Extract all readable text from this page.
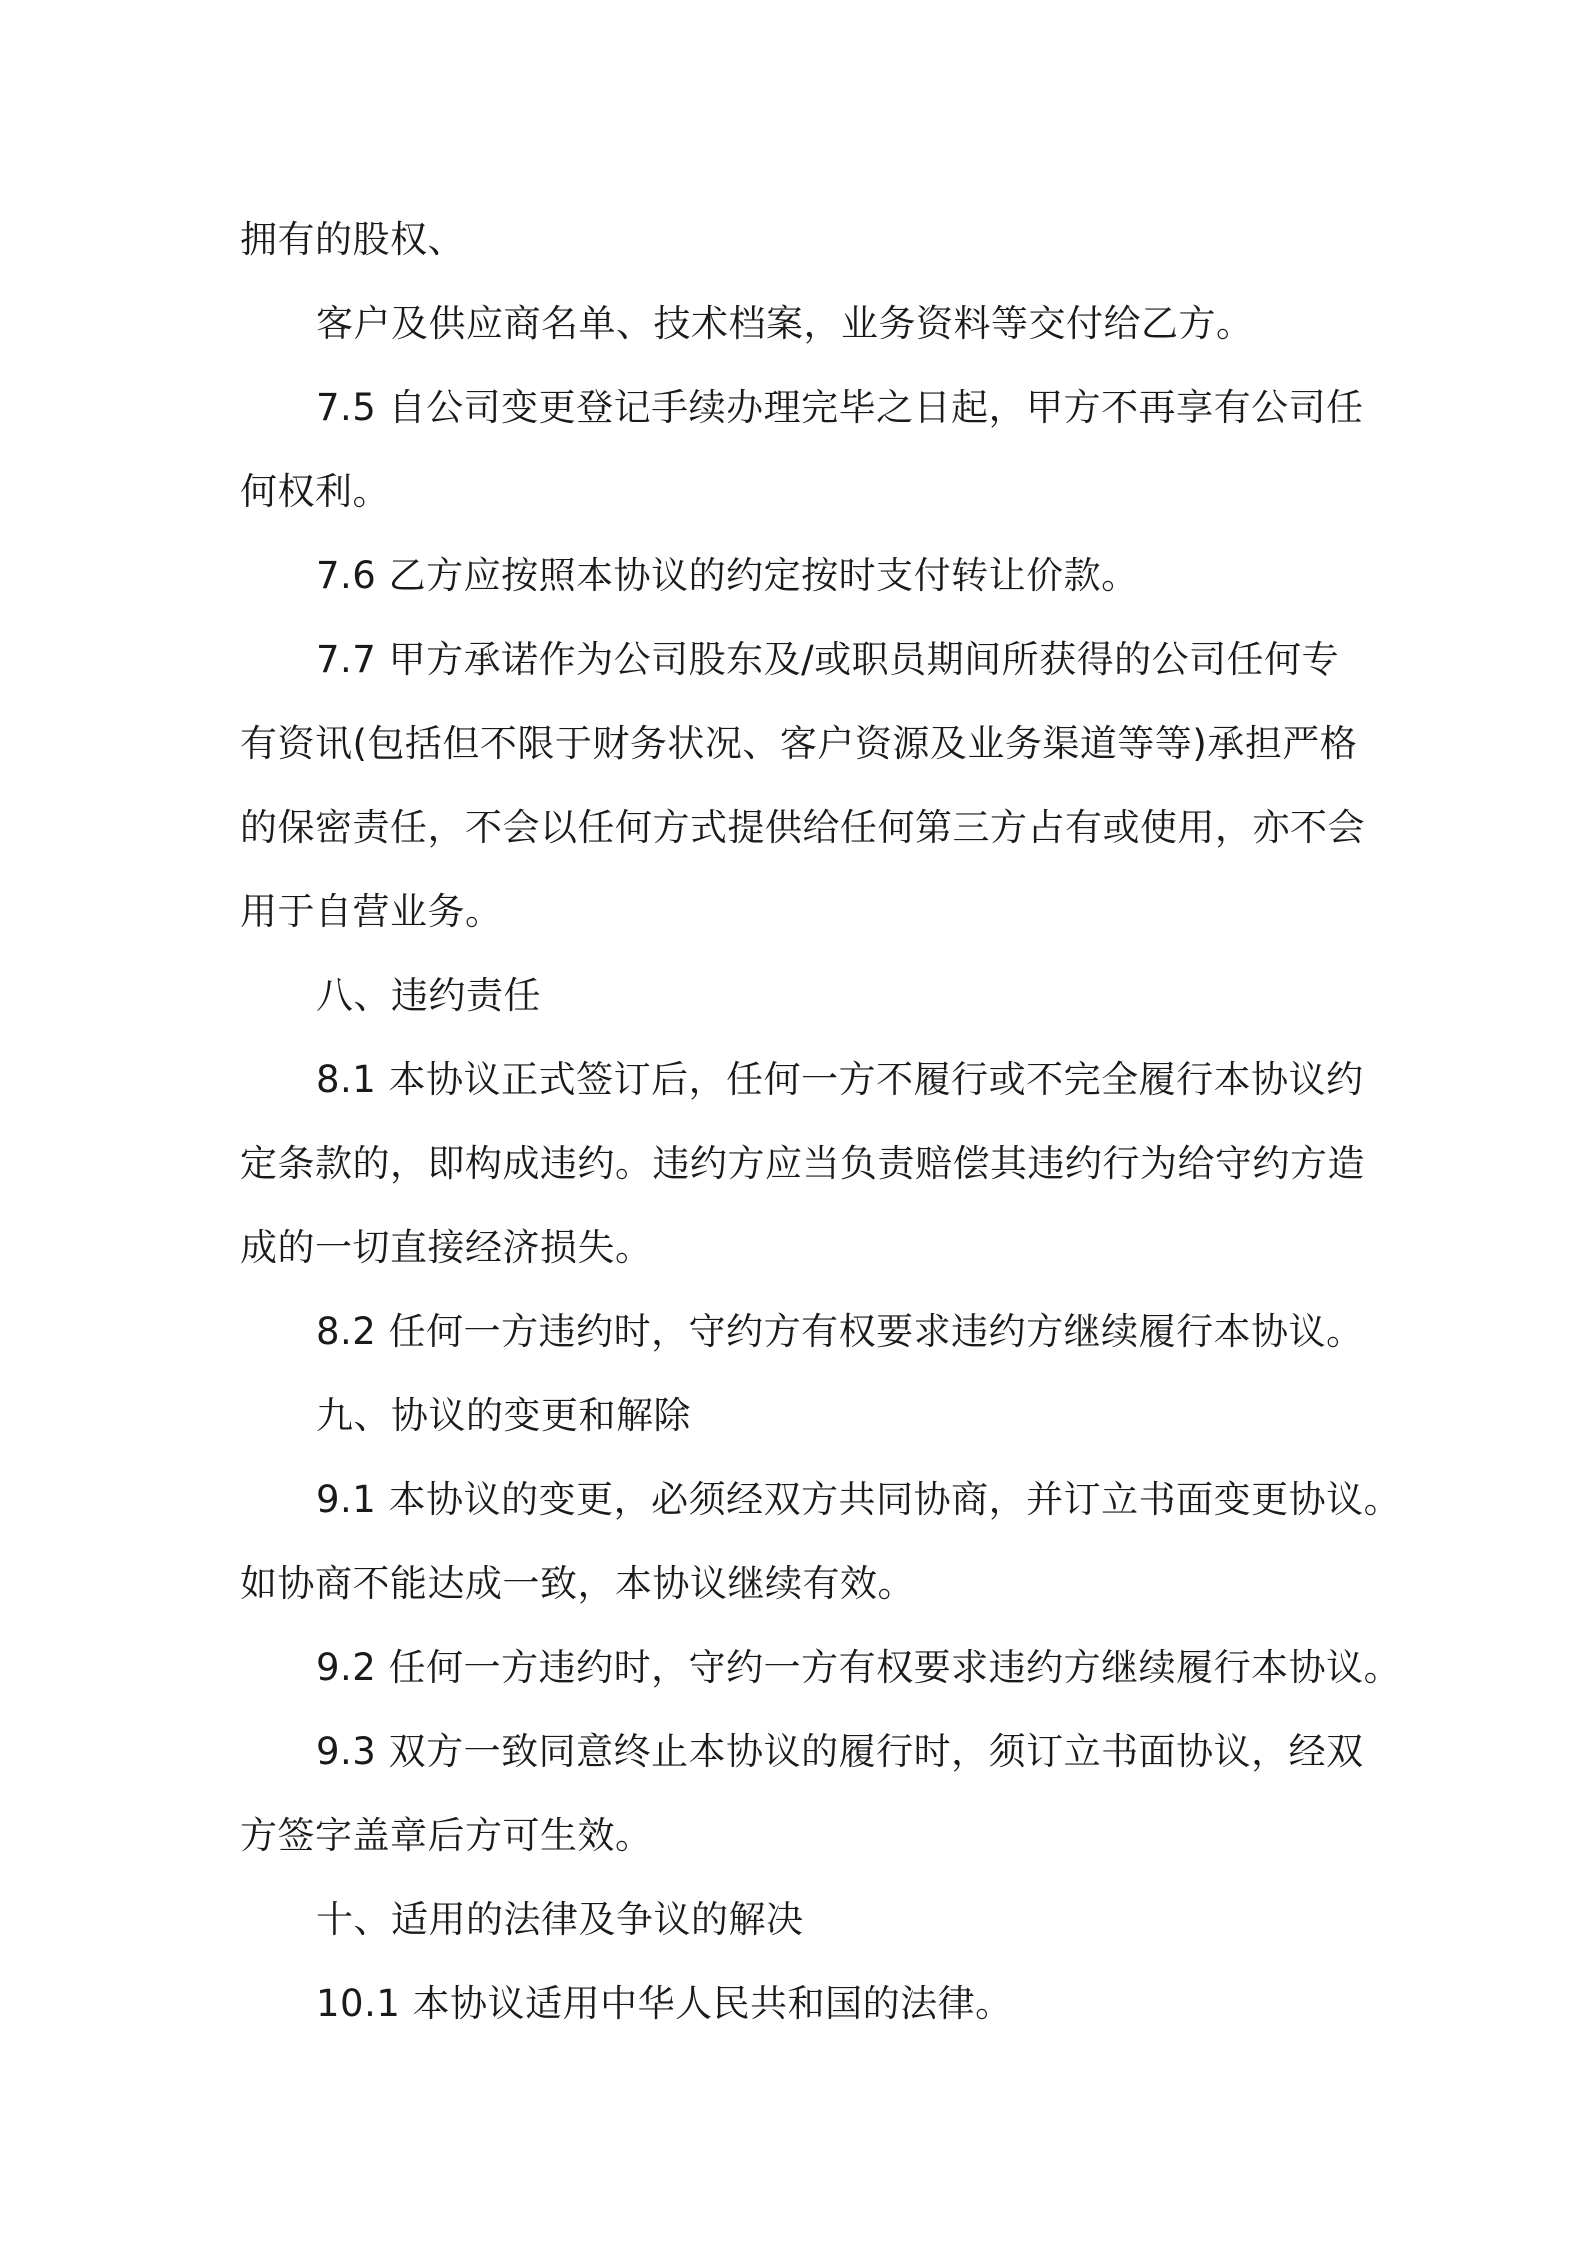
拥有的股权、

客户及供应商名单、技术档案，业务资料等交付给乙方。

7.5 自公司变更登记手续办理完毕之日起，甲方不再享有公司任

何权利。

7.6 乙方应按照本协议的约定按时支付转让价款。

7.7 甲方承诺作为公司股东及/或职员期间所获得的公司任何专

有资讯(包括但不限于财务状况、客户资源及业务渠道等等)承担严格

的保密责任，不会以任何方式提供给任何第三方占有或使用，亦不会

用于自营业务。

八、违约责任

8.1 本协议正式签订后，任何一方不履行或不完全履行本协议约

定条款的，即构成违约。违约方应当负责赔偿其违约行为给守约方造

成的一切直接经济损失。

8.2 任何一方违约时，守约方有权要求违约方继续履行本协议。

九、协议的变更和解除

9.1 本协议的变更，必须经双方共同协商，并订立书面变更协议。

如协商不能达成一致，本协议继续有效。

9.2 任何一方违约时，守约一方有权要求违约方继续履行本协议。

9.3 双方一致同意终止本协议的履行时，须订立书面协议，经双

方签字盖章后方可生效。

十、适用的法律及争议的解决

10.1 本协议适用中华人民共和国的法律。
